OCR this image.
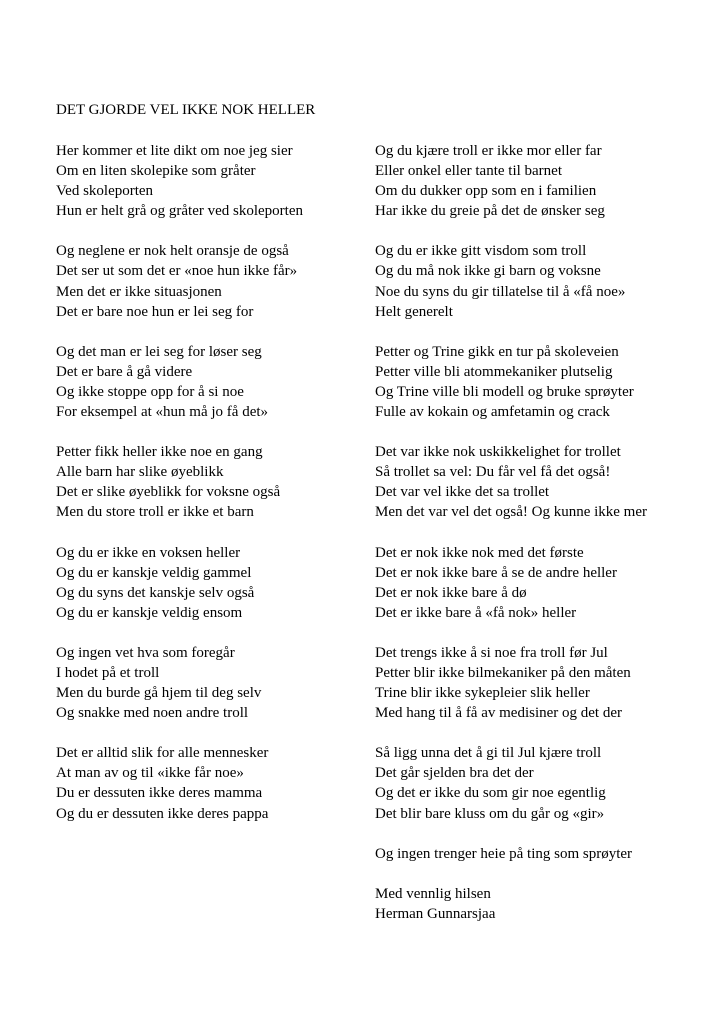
DET GJORDE VEL IKKE NOK HELLER
Her kommer et lite dikt om noe jeg sier
Om en liten skolepike som gråter
Ved skoleporten
Hun er helt grå og gråter ved skoleporten
Og neglene er nok helt oransje de også
Det ser ut som det er «noe hun ikke får»
Men det er ikke situasjonen
Det er bare noe hun er lei seg for
Og det man er lei seg for løser seg
Det er bare å gå videre
Og ikke stoppe opp for å si noe
For eksempel at «hun må jo få det»
Petter fikk heller ikke noe en gang
Alle barn har slike øyeblikk
Det er slike øyeblikk for voksne også
Men du store troll er ikke et barn
Og du er ikke en voksen heller
Og du er kanskje veldig gammel
Og du syns det kanskje selv også
Og du er kanskje veldig ensom
Og ingen vet hva som foregår
I hodet på et troll
Men du burde gå hjem til deg selv
Og snakke med noen andre troll
Det er alltid slik for alle mennesker
At man av og til «ikke får noe»
Du er dessuten ikke deres mamma
Og du er dessuten ikke deres pappa
Og du kjære troll er ikke mor eller far
Eller onkel eller tante til barnet
Om du dukker opp som en i familien
Har ikke du greie på det de ønsker seg
Og du er ikke gitt visdom som troll
Og du må nok ikke gi barn og voksne
Noe du syns du gir tillatelse til å «få noe»
Helt generelt
Petter og Trine gikk en tur på skoleveien
Petter ville bli atommekaniker plutselig
Og Trine ville bli modell og bruke sprøyter
Fulle av kokain og amfetamin og crack
Det var ikke nok uskikkelighet for trollet
Så trollet sa vel: Du får vel få det også!
Det var vel ikke det sa trollet
Men det var vel det også! Og kunne ikke mer
Det er nok ikke nok med det første
Det er nok ikke bare å se de andre heller
Det er nok ikke bare å dø
Det er ikke bare å «få nok» heller
Det trengs ikke å si noe fra troll før Jul
Petter blir ikke bilmekaniker på den måten
Trine blir ikke sykepleier slik heller
Med hang til å få av medisiner og det der
Så ligg unna det å gi til Jul kjære troll
Det går sjelden bra det der
Og det er ikke du som gir noe egentlig
Det blir bare kluss om du går og «gir»
Og ingen trenger heie på ting som sprøyter
Med vennlig hilsen
Herman Gunnarsjaa
